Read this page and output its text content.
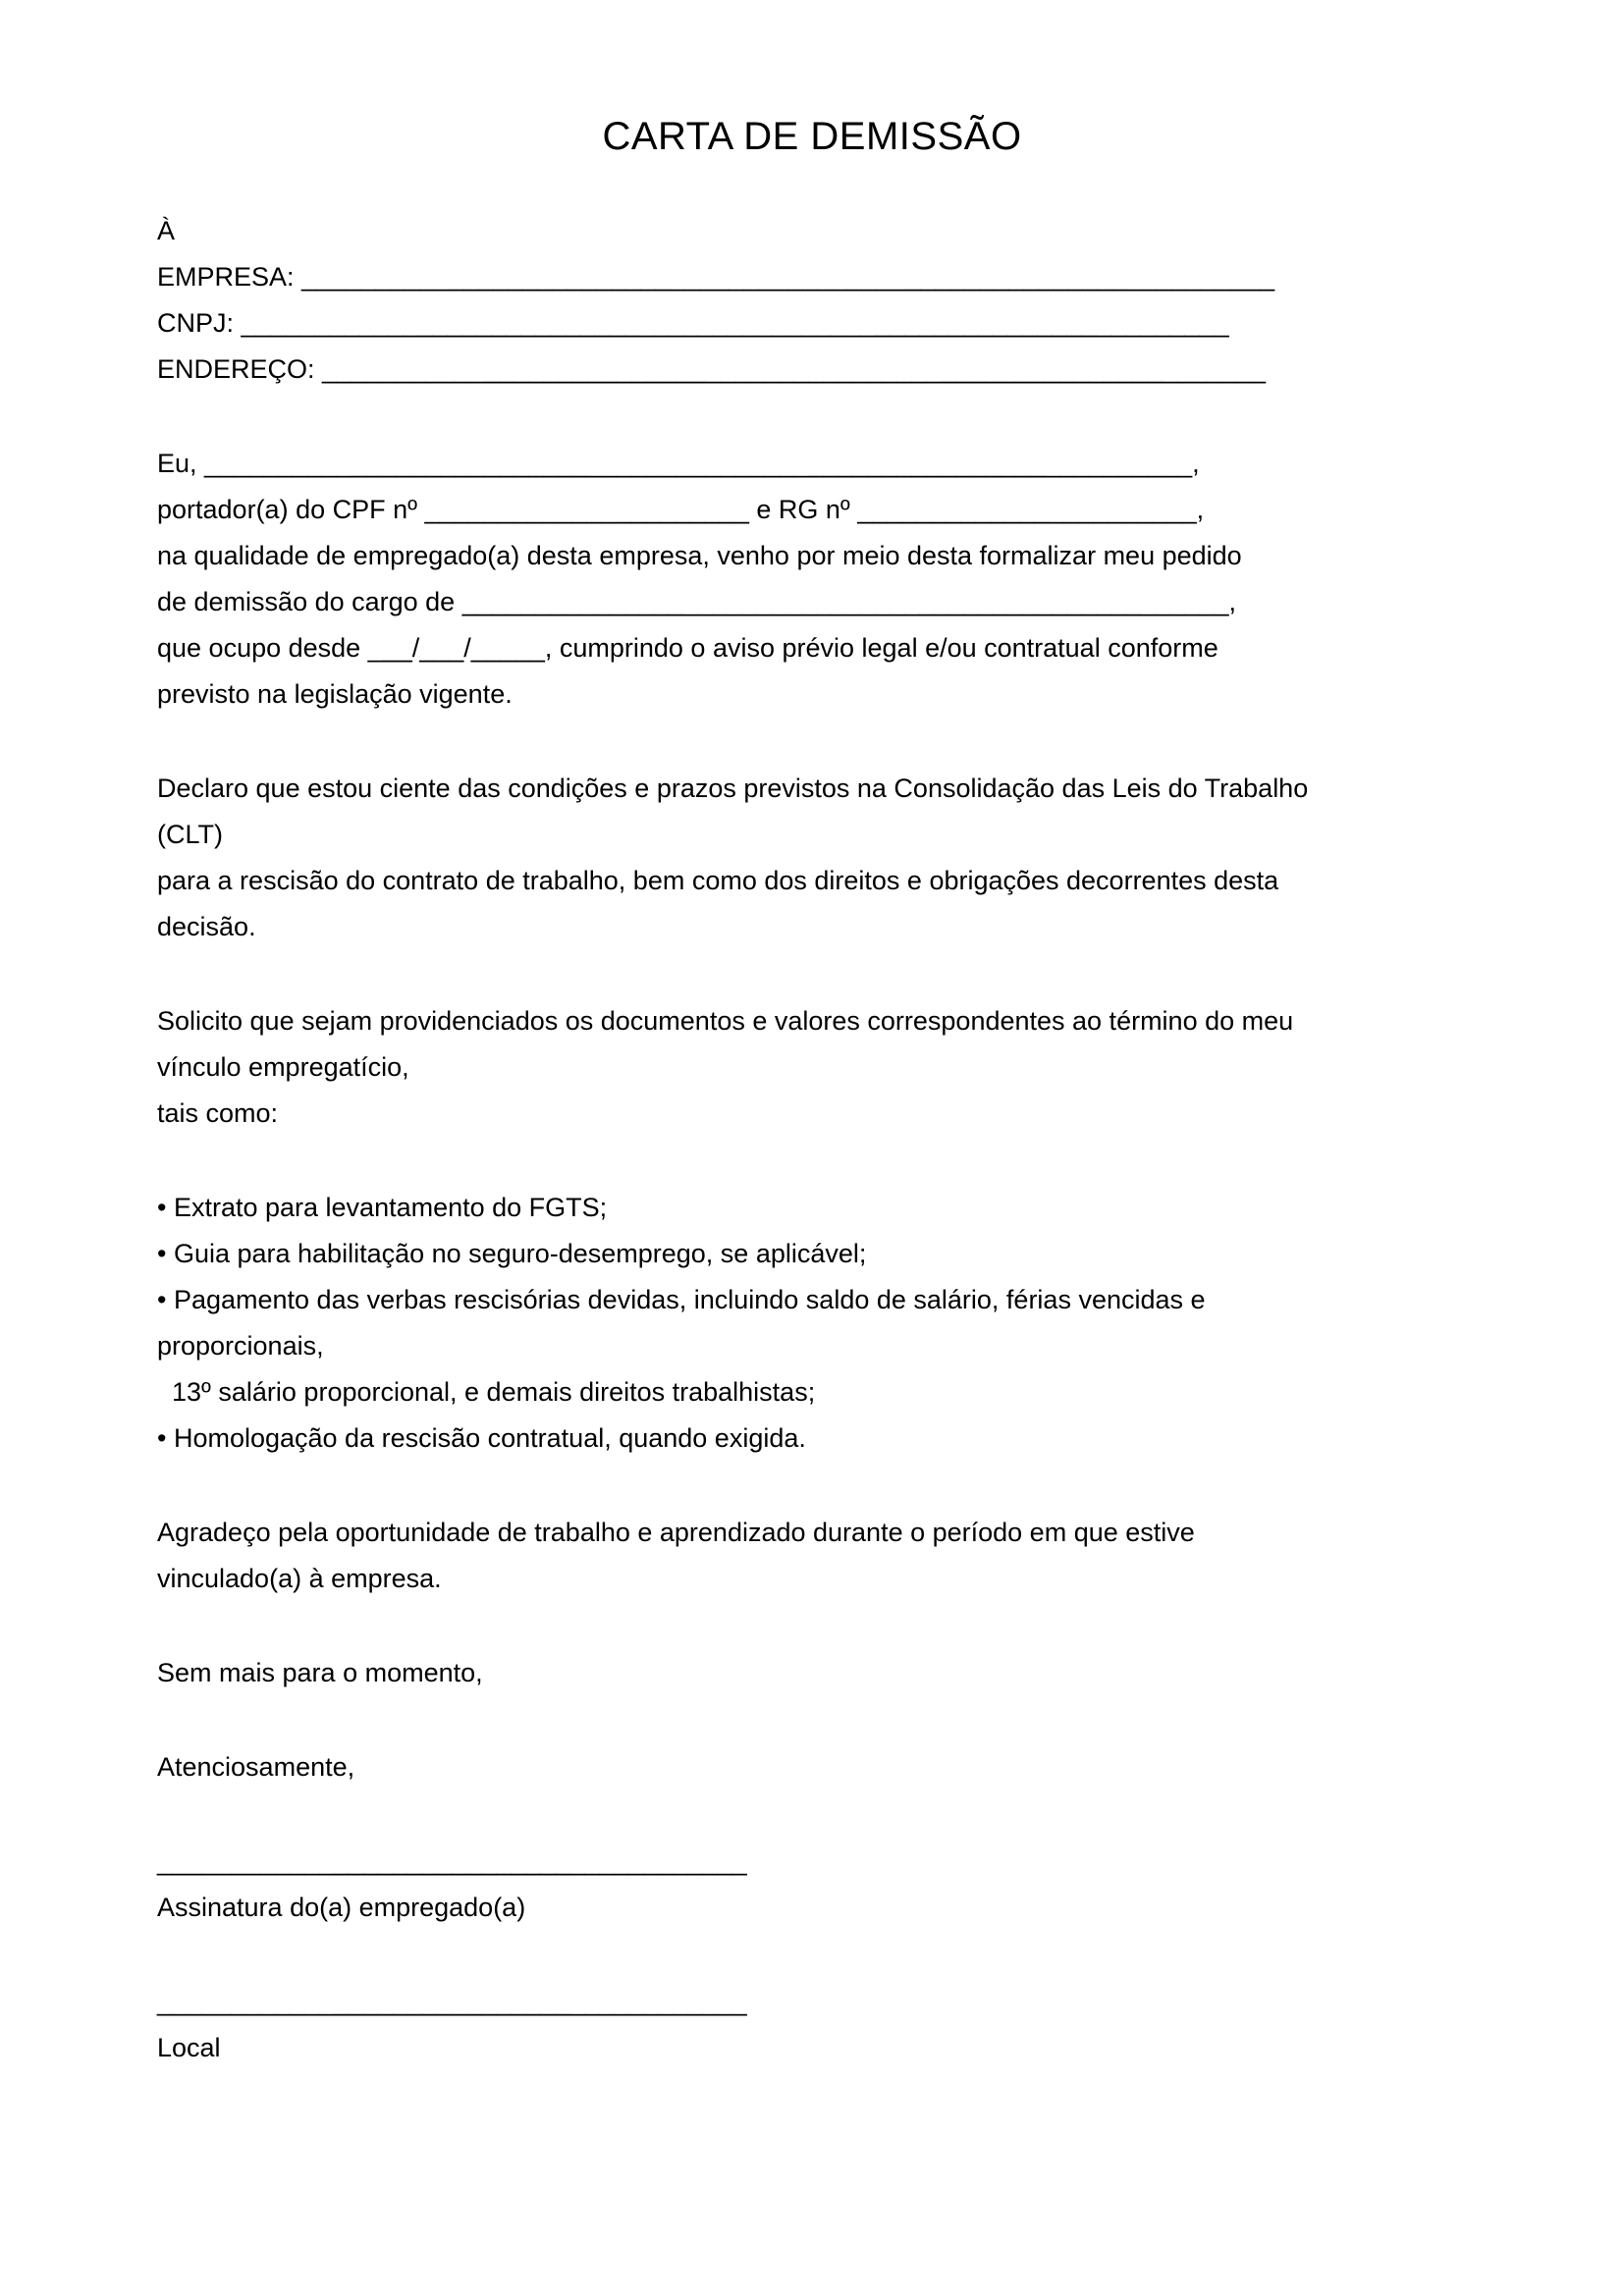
CARTA DE DEMISSÃO

À

EMPRESA: __________________________________________________________________

CNPJ: ___________________________________________________________________

ENDEREÇO: ________________________________________________________________

Eu, ___________________________________________________________________,

portador(a) do CPF nº ______________________ e RG nº _______________________,

na qualidade de empregado(a) desta empresa, venho por meio desta formalizar meu pedido

de demissão do cargo de ____________________________________________________,

que ocupo desde ___/___/_____, cumprindo o aviso prévio legal e/ou contratual conforme

previsto na legislação vigente.

Declaro que estou ciente das condições e prazos previstos na Consolidação das Leis do Trabalho

(CLT)

para a rescisão do contrato de trabalho, bem como dos direitos e obrigações decorrentes desta

decisão.

Solicito que sejam providenciados os documentos e valores correspondentes ao término do meu

vínculo empregatício,

tais como:

• Extrato para levantamento do FGTS;

• Guia para habilitação no seguro-desemprego, se aplicável;

• Pagamento das verbas rescisórias devidas, incluindo saldo de salário, férias vencidas e

proporcionais,

13º salário proporcional, e demais direitos trabalhistas;

• Homologação da rescisão contratual, quando exigida.

Agradeço pela oportunidade de trabalho e aprendizado durante o período em que estive

vinculado(a) à empresa.

Sem mais para o momento,

Atenciosamente,

________________________________________

Assinatura do(a) empregado(a)

________________________________________

Local
